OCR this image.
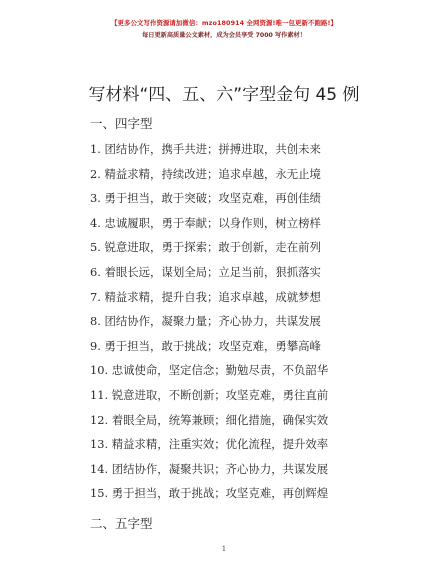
【更多公文写作资源请加微信：mzo180914 全网资源!唯一包更新不跑路!】
每日更新高质量公文素材，成为会员享受 7000 写作素材！
写材料“四、五、六”字型金句 45 例
一、四字型
1. 团结协作，携手共进；拼搏进取，共创未来
2. 精益求精，持续改进；追求卓越，永无止境
3. 勇于担当，敢于突破；攻坚克难，再创佳绩
4. 忠诚履职，勇于奉献；以身作则，树立榜样
5. 锐意进取，勇于探索；敢于创新，走在前列
6. 着眼长远，谋划全局；立足当前，狠抓落实
7. 精益求精，提升自我；追求卓越，成就梦想
8. 团结协作，凝聚力量；齐心协力，共谋发展
9. 勇于担当，敢于挑战；攻坚克难，勇攀高峰
10. 忠诚使命，坚定信念；勤勉尽责，不负韶华
11. 锐意进取，不断创新；攻坚克难，勇往直前
12. 着眼全局，统筹兼顾；细化措施，确保实效
13. 精益求精，注重实效；优化流程，提升效率
14. 团结协作，凝聚共识；齐心协力，共谋发展
15. 勇于担当，敢于挑战；攻坚克难，再创辉煌
二、五字型
1
